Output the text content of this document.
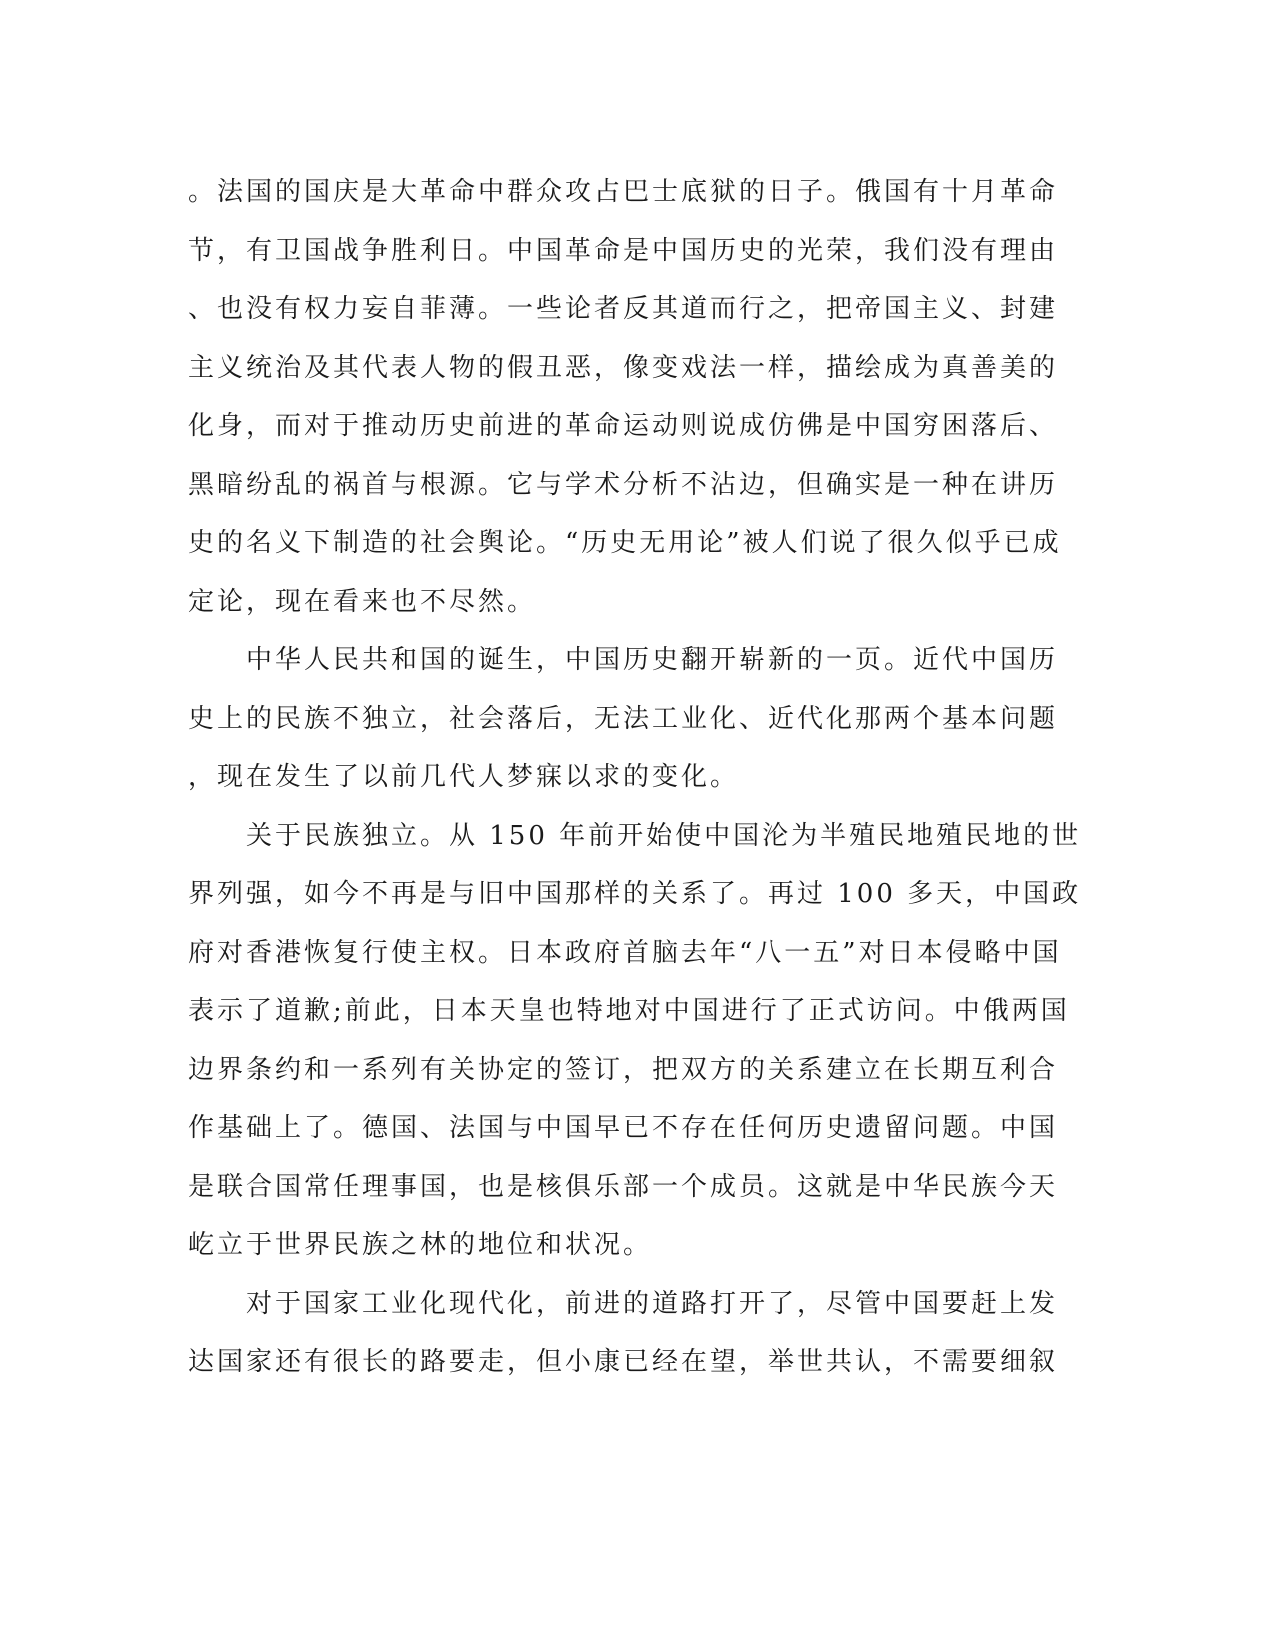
。法国的国庆是大革命中群众攻占巴士底狱的日子。俄国有十月革命
节，有卫国战争胜利日。中国革命是中国历史的光荣，我们没有理由
、也没有权力妄自菲薄。一些论者反其道而行之，把帝国主义、封建
主义统治及其代表人物的假丑恶，像变戏法一样，描绘成为真善美的
化身，而对于推动历史前进的革命运动则说成仿佛是中国穷困落后、
黑暗纷乱的祸首与根源。它与学术分析不沾边，但确实是一种在讲历
史的名义下制造的社会舆论。“历史无用论”被人们说了很久似乎已成
定论，现在看来也不尽然。
　　中华人民共和国的诞生，中国历史翻开崭新的一页。近代中国历
史上的民族不独立，社会落后，无法工业化、近代化那两个基本问题
，现在发生了以前几代人梦寐以求的变化。
　　关于民族独立。从 150 年前开始使中国沦为半殖民地殖民地的世
界列强，如今不再是与旧中国那样的关系了。再过 100 多天，中国政
府对香港恢复行使主权。日本政府首脑去年“八一五”对日本侵略中国
表示了道歉;前此，日本天皇也特地对中国进行了正式访问。中俄两国
边界条约和一系列有关协定的签订，把双方的关系建立在长期互利合
作基础上了。德国、法国与中国早已不存在任何历史遗留问题。中国
是联合国常任理事国，也是核俱乐部一个成员。这就是中华民族今天
屹立于世界民族之林的地位和状况。
　　对于国家工业化现代化，前进的道路打开了，尽管中国要赶上发
达国家还有很长的路要走，但小康已经在望，举世共认，不需要细叙
